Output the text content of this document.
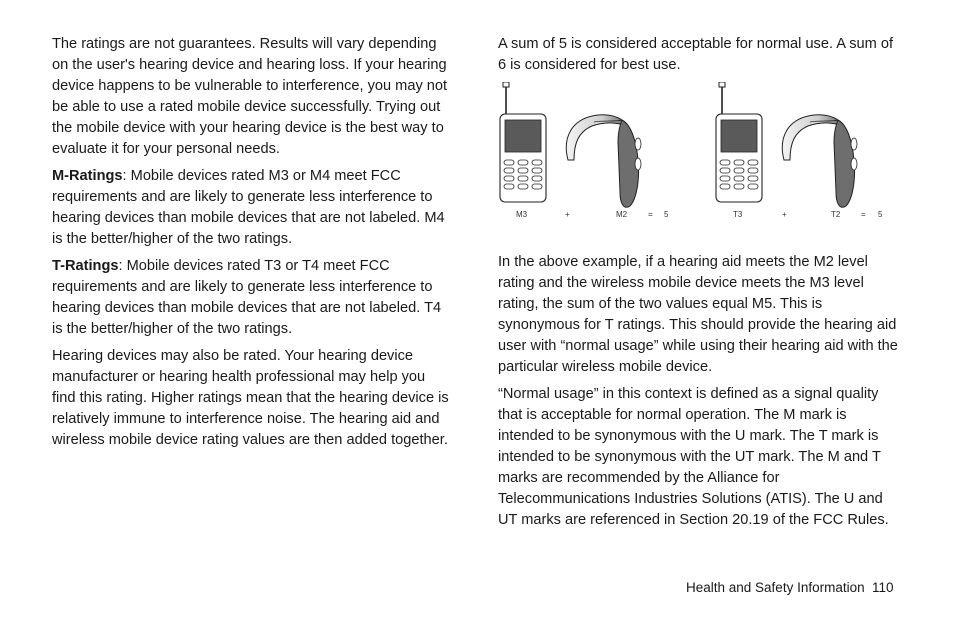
The ratings are not guarantees. Results will vary depending on the user's hearing device and hearing loss. If your hearing device happens to be vulnerable to interference, you may not be able to use a rated mobile device successfully. Trying out the mobile device with your hearing device is the best way to evaluate it for your personal needs.

M-Ratings: Mobile devices rated M3 or M4 meet FCC requirements and are likely to generate less interference to hearing devices than mobile devices that are not labeled. M4 is the better/higher of the two ratings.

T-Ratings: Mobile devices rated T3 or T4 meet FCC requirements and are likely to generate less interference to hearing devices than mobile devices that are not labeled. T4 is the better/higher of the two ratings.

Hearing devices may also be rated. Your hearing device manufacturer or hearing health professional may help you find this rating. Higher ratings mean that the hearing device is relatively immune to interference noise. The hearing aid and wireless mobile device rating values are then added together.

A sum of 5 is considered acceptable for normal use. A sum of 6 is considered for best use.

M3	+	M2	= 5	T3	+	T2	= 5

In the above example, if a hearing aid meets the M2 level rating and the wireless mobile device meets the M3 level rating, the sum of the two values equal M5. This is synonymous for T ratings. This should provide the hearing aid user with “normal usage” while using their hearing aid with the particular wireless mobile device.

“Normal usage” in this context is defined as a signal quality that is acceptable for normal operation. The M mark is intended to be synonymous with the U mark. The T mark is intended to be synonymous with the UT mark. The M and T marks are recommended by the Alliance for Telecommunications Industries Solutions (ATIS). The U and UT marks are referenced in Section 20.19 of the FCC Rules.

Health and Safety Information 110
